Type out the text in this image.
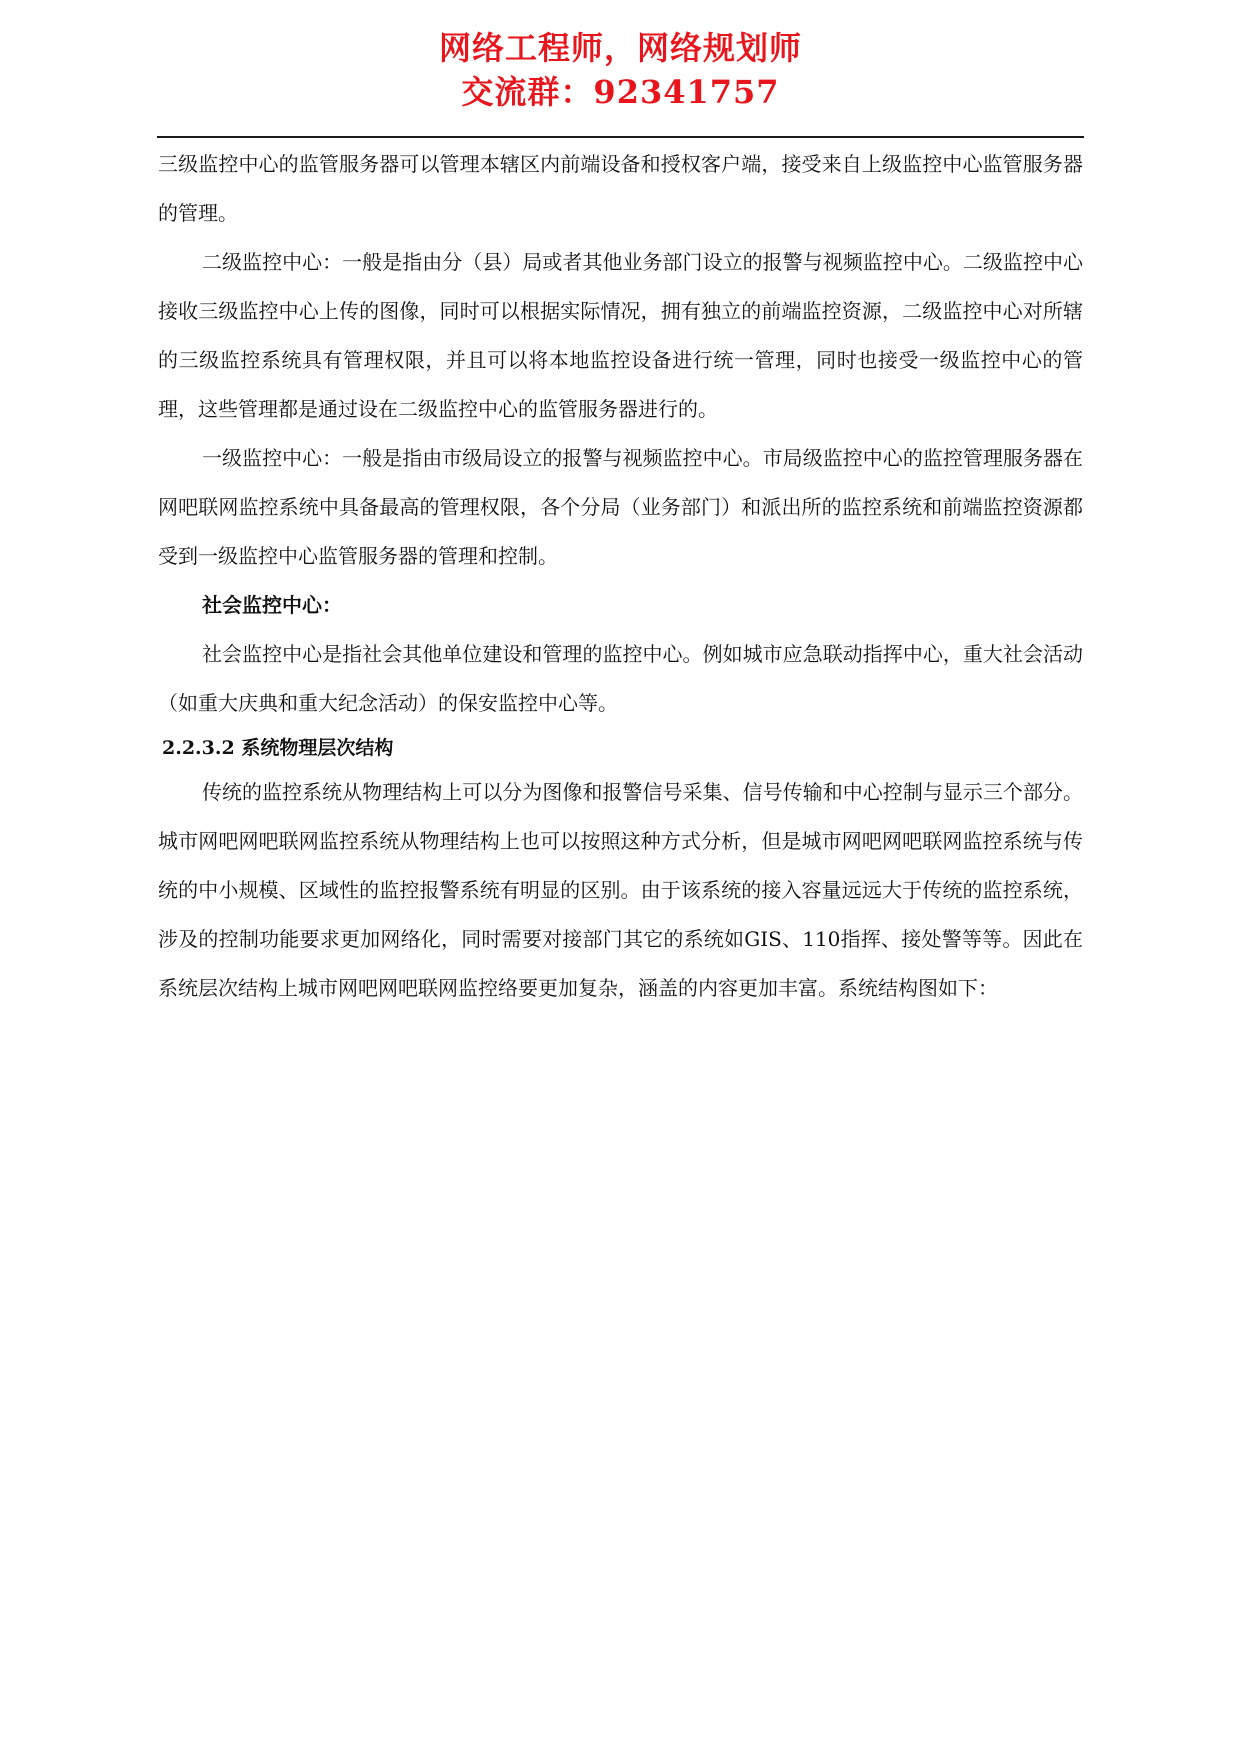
网络工程师，网络规划师
交流群：92341757

三级监控中心的监管服务器可以管理本辖区内前端设备和授权客户端，接受来自上级监控中心监管服务器的管理。

二级监控中心：一般是指由分（县）局或者其他业务部门设立的报警与视频监控中心。二级监控中心接收三级监控中心上传的图像，同时可以根据实际情况，拥有独立的前端监控资源，二级监控中心对所辖的三级监控系统具有管理权限，并且可以将本地监控设备进行统一管理，同时也接受一级监控中心的管理，这些管理都是通过设在二级监控中心的监管服务器进行的。

一级监控中心：一般是指由市级局设立的报警与视频监控中心。市局级监控中心的监控管理服务器在网吧联网监控系统中具备最高的管理权限，各个分局（业务部门）和派出所的监控系统和前端监控资源都受到一级监控中心监管服务器的管理和控制。

社会监控中心：

社会监控中心是指社会其他单位建设和管理的监控中心。例如城市应急联动指挥中心，重大社会活动（如重大庆典和重大纪念活动）的保安监控中心等。

2.2.3.2 系统物理层次结构

传统的监控系统从物理结构上可以分为图像和报警信号采集、信号传输和中心控制与显示三个部分。城市网吧网吧联网监控系统从物理结构上也可以按照这种方式分析，但是城市网吧网吧联网监控系统与传统的中小规模、区域性的监控报警系统有明显的区别。由于该系统的接入容量远远大于传统的监控系统，涉及的控制功能要求更加网络化，同时需要对接部门其它的系统如GIS、110指挥、接处警等等。因此在系统层次结构上城市网吧网吧联网监控络要更加复杂，涵盖的内容更加丰富。系统结构图如下：
